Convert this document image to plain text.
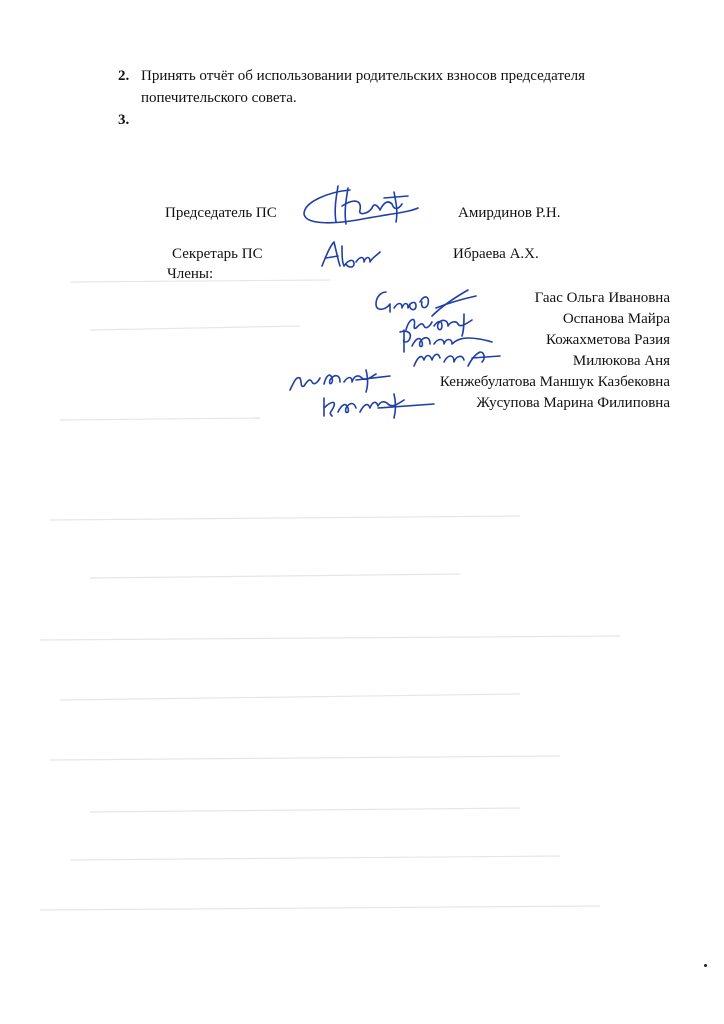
2. Принять отчёт об использовании родительских взносов председателя
попечительского совета.
3.
Председатель ПС	Амирдинов Р.Н.
Секретарь ПС	Ибраева А.Х.
Члены:
Гаас Ольга Ивановна
Оспанова Майра
Кожахметова Разия
Милюкова Аня
Кенжебулатова Маншук Казбековна
Жусупова Марина Филиповна
